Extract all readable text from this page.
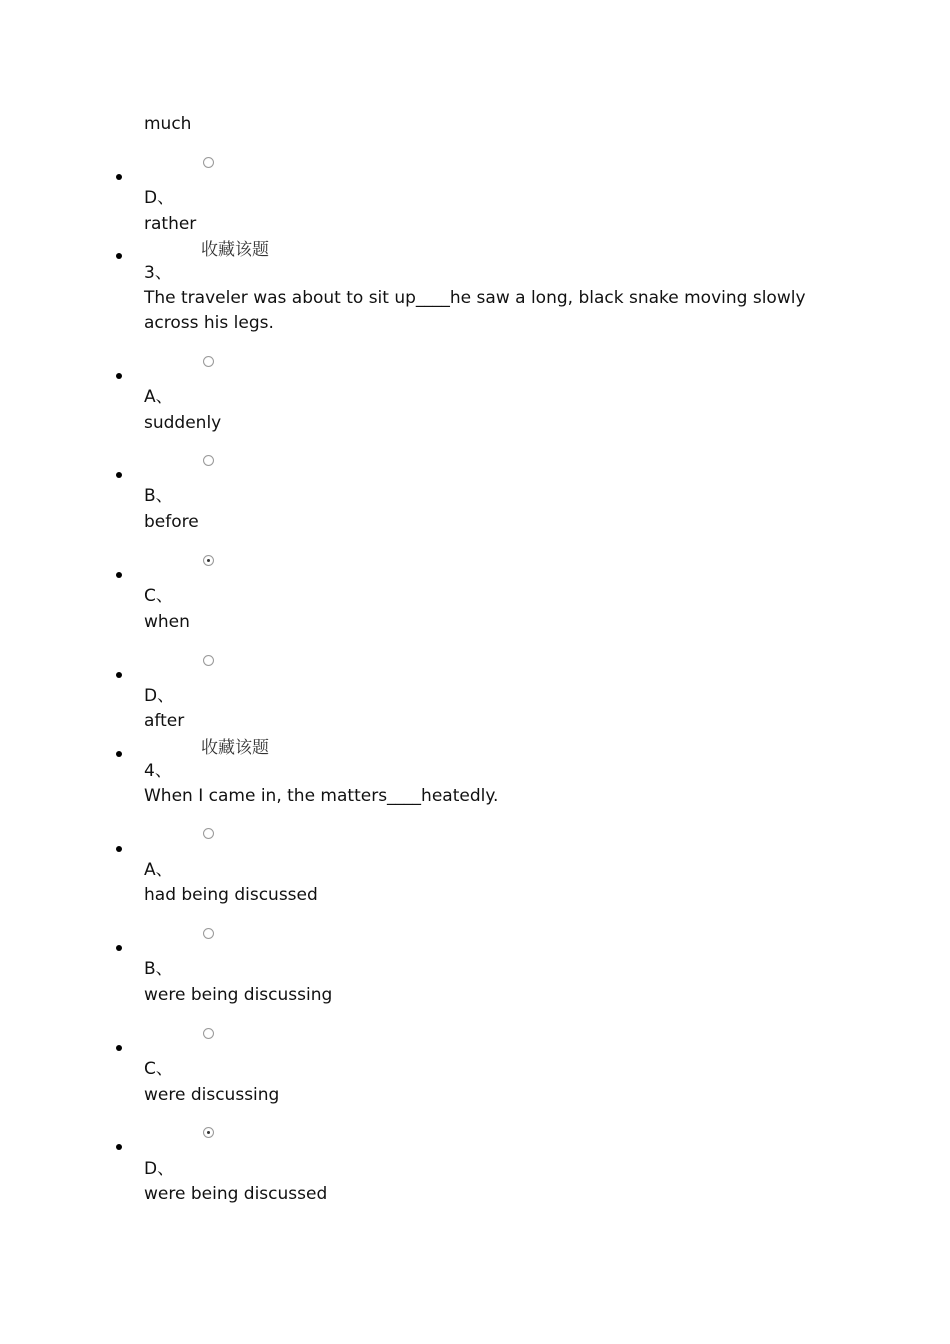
much
D、
rather
收藏该题
3、
The traveler was about to sit up____he saw a long, black snake moving slowly across his legs.
A、
suddenly
B、
before
C、
when
D、
after
收藏该题
4、
When I came in, the matters____heatedly.
A、
had being discussed
B、
were being discussing
C、
were discussing
D、
were being discussed
